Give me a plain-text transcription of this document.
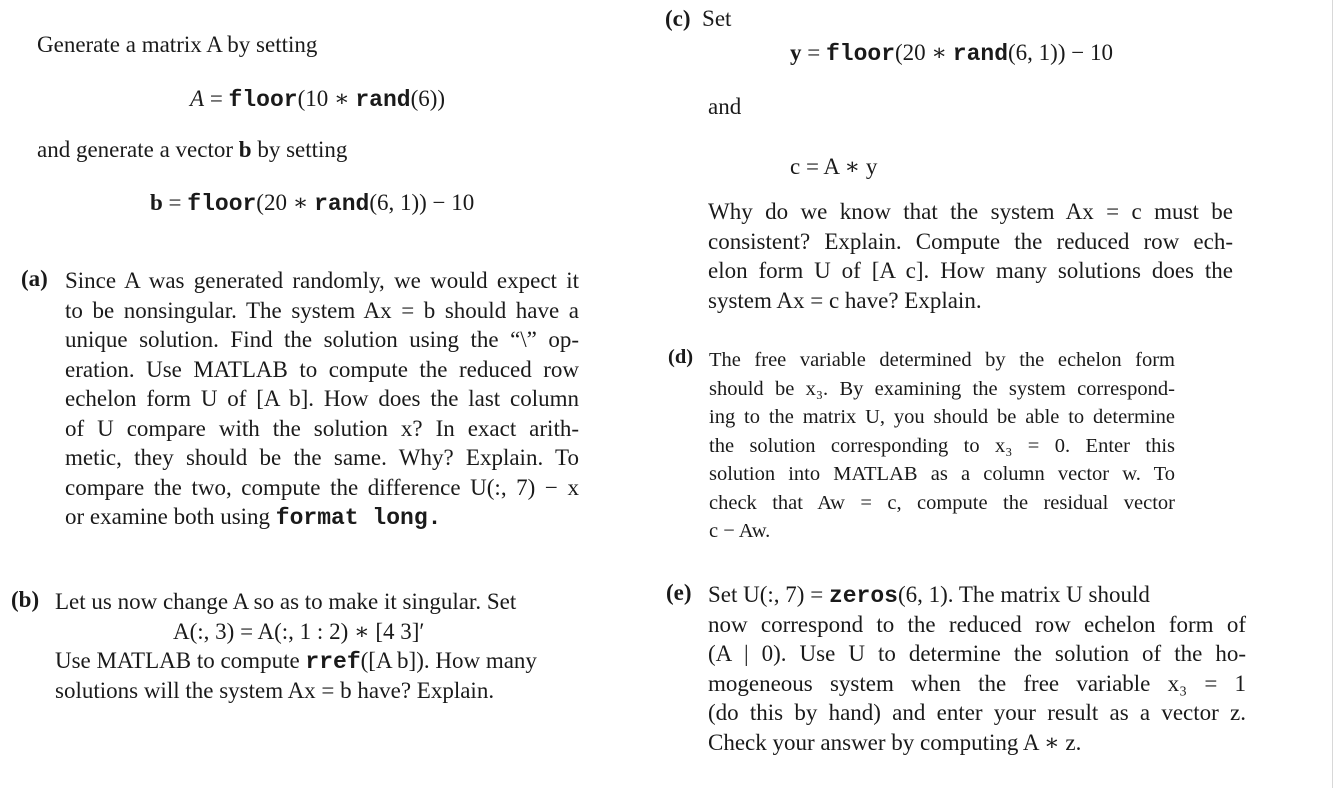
Generate a matrix A by setting
A = floor(10 ∗ rand(6))
and generate a vector b by setting
b = floor(20 ∗ rand(6, 1)) − 10
(a) Since A was generated randomly, we would expect it
to be nonsingular. The system Ax = b should have a
unique solution. Find the solution using the “\” op-
eration. Use MATLAB to compute the reduced row
echelon form U of [A b]. How does the last column
of U compare with the solution x? In exact arith-
metic, they should be the same. Why? Explain. To
compare the two, compute the difference U(:, 7) − x
or examine both using format long.
(b) Let us now change A so as to make it singular. Set
A(:, 3) = A(:, 1 : 2) ∗ [4 3]′
Use MATLAB to compute rref([A b]). How many
solutions will the system Ax = b have? Explain.
(c) Set
y = floor(20 ∗ rand(6, 1)) − 10
and
c = A ∗ y
Why do we know that the system Ax = c must be
consistent? Explain. Compute the reduced row ech-
elon form U of [A c]. How many solutions does the
system Ax = c have? Explain.
(d) The free variable determined by the echelon form
should be x₃. By examining the system correspond-
ing to the matrix U, you should be able to determine
the solution corresponding to x₃ = 0. Enter this
solution into MATLAB as a column vector w. To
check that Aw = c, compute the residual vector
c − Aw.
(e) Set U(:, 7) = zeros(6, 1). The matrix U should
now correspond to the reduced row echelon form of
(A | 0). Use U to determine the solution of the ho-
mogeneous system when the free variable x₃ = 1
(do this by hand) and enter your result as a vector z.
Check your answer by computing A ∗ z.
